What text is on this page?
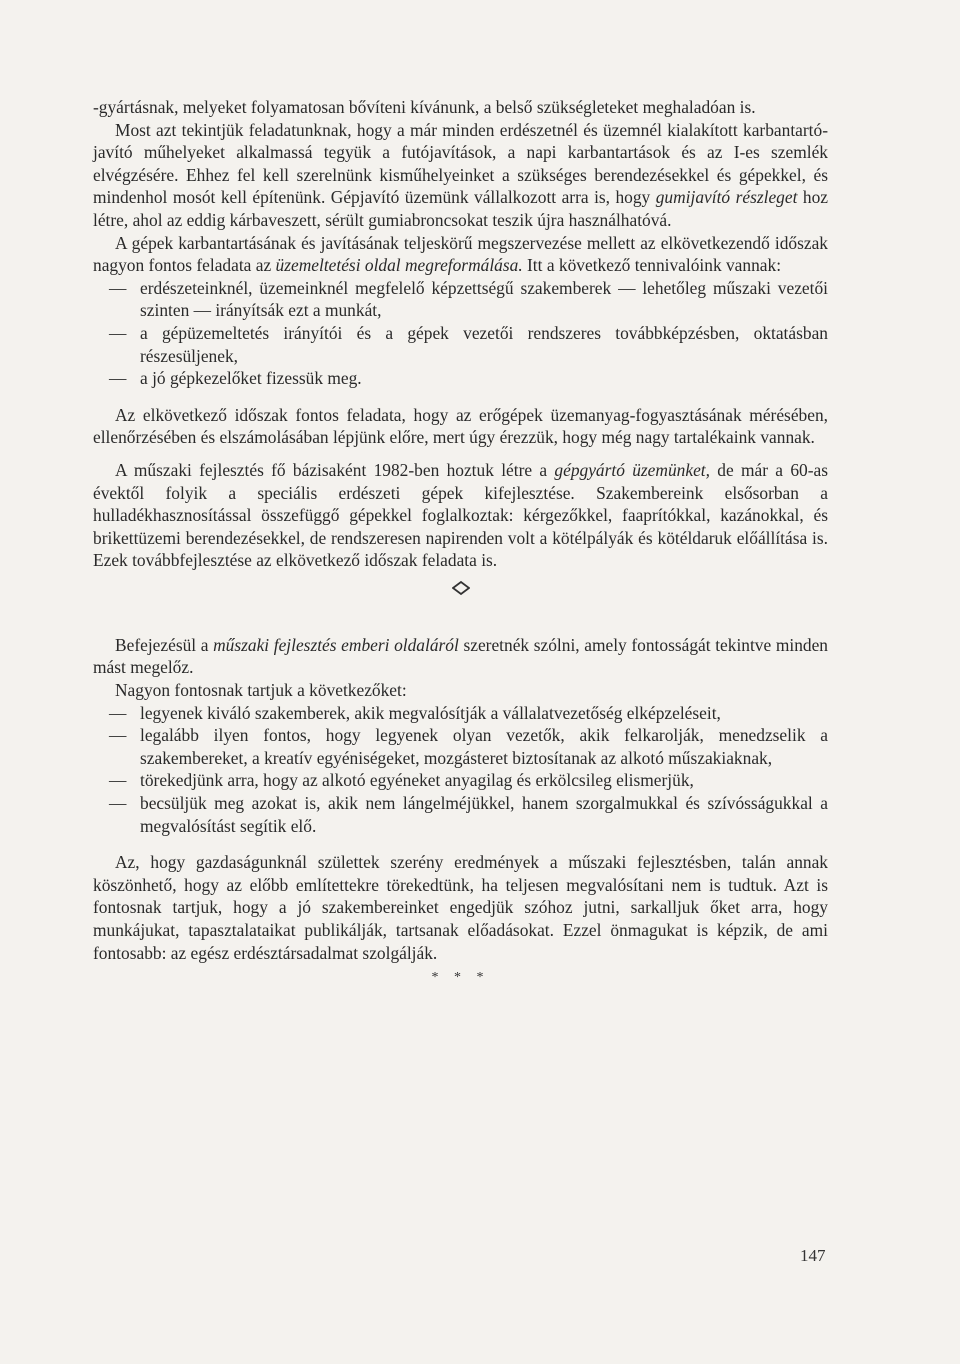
-gyártásnak, melyeket folyamatosan bővíteni kívánunk, a belső szükségleteket meghaladóan is.

Most azt tekintjük feladatunknak, hogy a már minden erdészetnél és üzemnél kialakított karbantartó-javító műhelyeket alkalmassá tegyük a futójavítások, a napi karbantartások és az I-es szemlék elvégzésére. Ehhez fel kell szerelnünk kisműhelyeinket a szükséges berendezésekkel és gépekkel, és mindenhol mosót kell építenünk. Gépjavító üzemünk vállalkozott arra is, hogy gumijavító részleget hoz létre, ahol az eddig kárbaveszett, sérült gumiabroncsokat teszik újra használhatóvá.

A gépek karbantartásának és javításának teljeskörű megszervezése mellett az elkövetkezendő időszak nagyon fontos feladata az üzemeltetési oldal megreformálása. Itt a következő tennivalóink vannak:

— erdészeteinknél, üzemeinknél megfelelő képzettségű szakemberek — lehetőleg műszaki vezetői szinten — irányítsák ezt a munkát,
— a gépüzemeltetés irányítói és a gépek vezetői rendszeres továbbképzésben, oktatásban részesüljenek,
— a jó gépkezelőket fizessük meg.

Az elkövetkező időszak fontos feladata, hogy az erőgépek üzemanyag-fogyasztásának mérésében, ellenőrzésében és elszámolásában lépjünk előre, mert úgy érezzük, hogy még nagy tartalékaink vannak.

A műszaki fejlesztés fő bázisaként 1982-ben hoztuk létre a gépgyártó üzemünket, de már a 60-as évektől folyik a speciális erdészeti gépek kifejlesztése. Szakembereink elsősorban a hulladékhasznosítással összefüggő gépekkel foglalkoztak: kérgezőkkel, faaprítókkal, kazánokkal, és brikettüzemi berendezésekkel, de rendszeresen napirenden volt a kötélpályák és kötéldaruk előállítása is. Ezek továbbfejlesztése az elkövetkező időszak feladata is.

Befejezésül a műszaki fejlesztés emberi oldaláról szeretnék szólni, amely fontosságát tekintve minden mást megelőz.

Nagyon fontosnak tartjuk a következőket:

— legyenek kiváló szakemberek, akik megvalósítják a vállalatvezetőség elképzeléseit,
— legalább ilyen fontos, hogy legyenek olyan vezetők, akik felkarolják, menedzselik a szakembereket, a kreatív egyéniségeket, mozgásteret biztosítanak az alkotó műszakiaknak,
— törekedjünk arra, hogy az alkotó egyéneket anyagilag és erkölcsileg elismerjük,
— becsüljük meg azokat is, akik nem lángelméjükkel, hanem szorgalmukkal és szívósságukkal a megvalósítást segítik elő.

Az, hogy gazdaságunknál születtek szerény eredmények a műszaki fejlesztésben, talán annak köszönhető, hogy az előbb említettekre törekedtünk, ha teljesen megvalósítani nem is tudtuk. Azt is fontosnak tartjuk, hogy a jó szakembereinket engedjük szóhoz jutni, sarkalljuk őket arra, hogy munkájukat, tapasztalataikat publikálják, tartsanak előadásokat. Ezzel önmagukat is képzik, de ami fontosabb: az egész erdésztársadalmat szolgálják.

* * *
147
